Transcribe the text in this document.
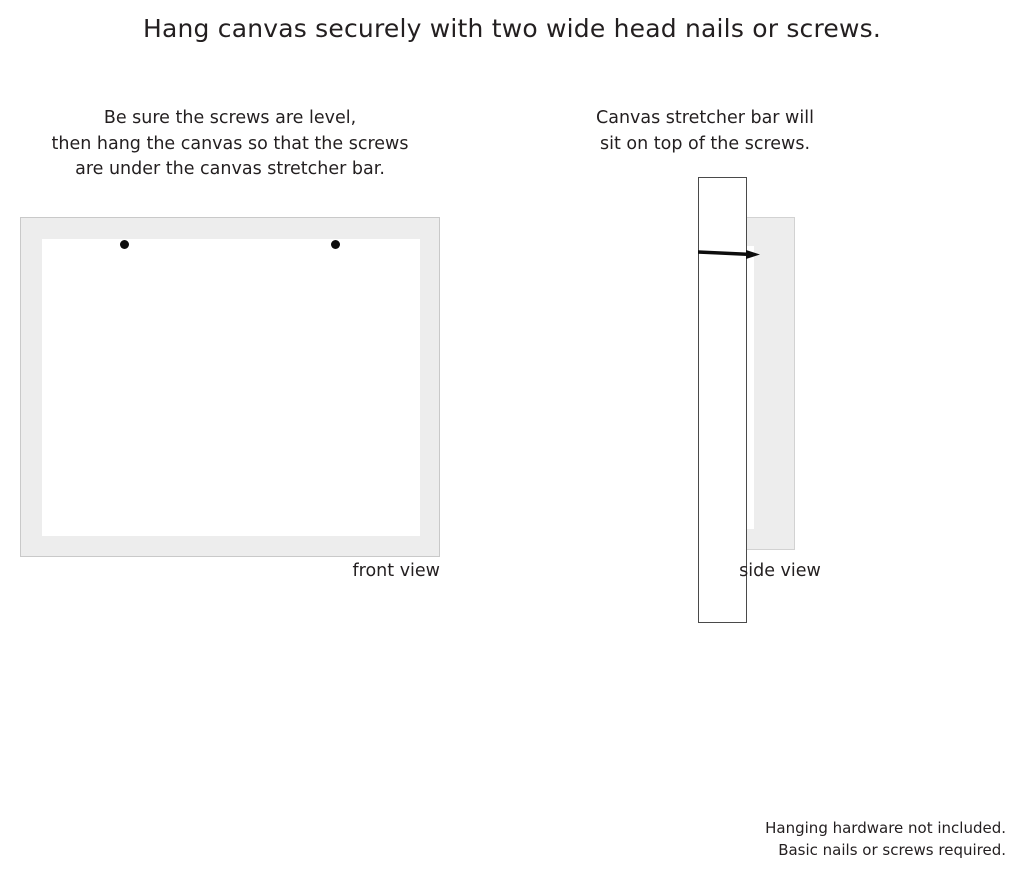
Hang canvas securely with two wide head nails or screws.
Be sure the screws are level,
then hang the canvas so that the screws
are under the canvas stretcher bar.
Canvas stretcher bar will
sit on top of the screws.
front view	side view
Hanging hardware not included.
Basic nails or screws required.
